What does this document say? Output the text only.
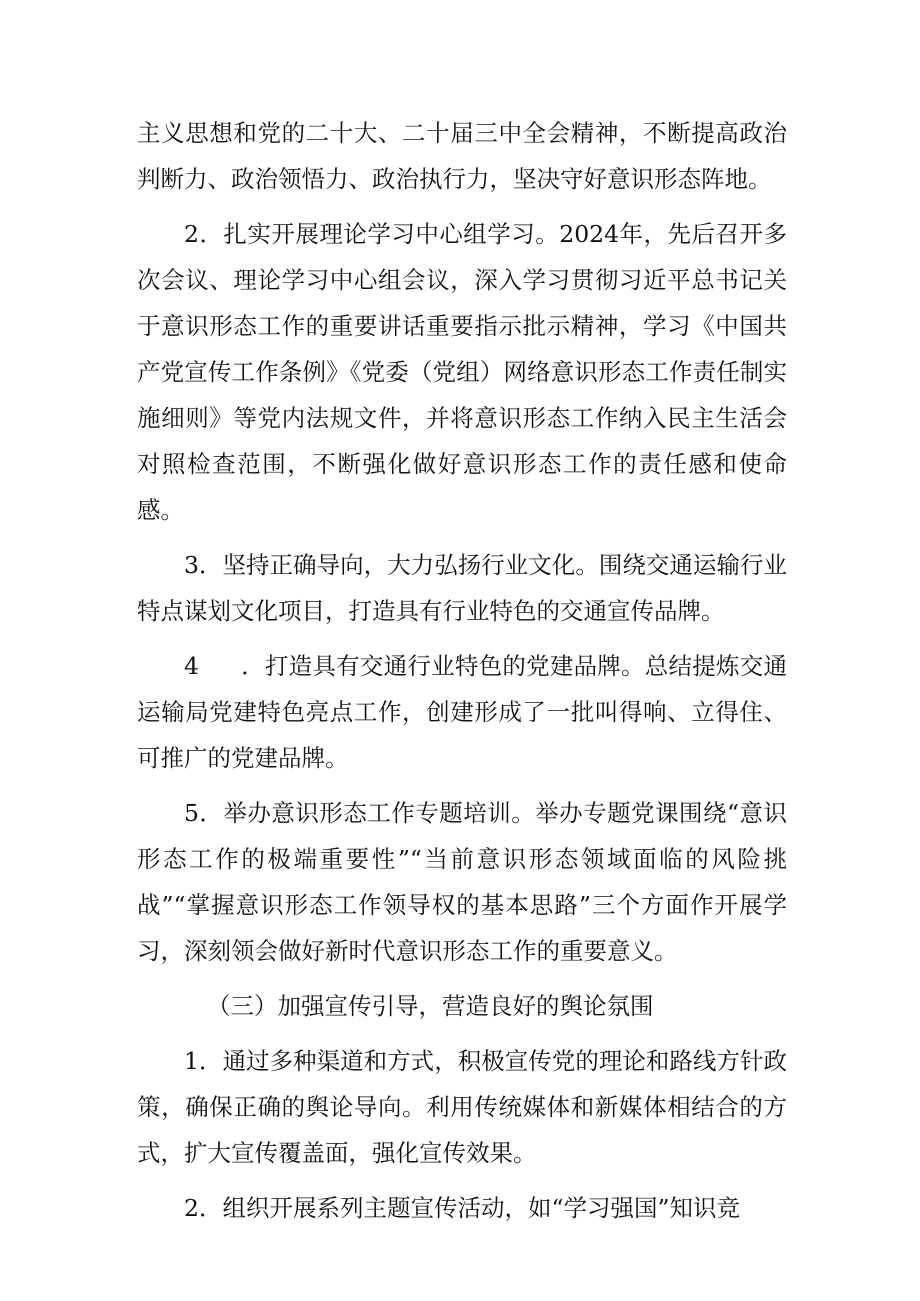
主义思想和党的二十大、二十届三中全会精神，不断提高政治判断力、政治领悟力、政治执行力，坚决守好意识形态阵地。

2．扎实开展理论学习中心组学习。2024年，先后召开多次会议、理论学习中心组会议，深入学习贯彻习近平总书记关于意识形态工作的重要讲话重要指示批示精神，学习《中国共产党宣传工作条例》《党委（党组）网络意识形态工作责任制实施细则》等党内法规文件，并将意识形态工作纳入民主生活会对照检查范围，不断强化做好意识形态工作的责任感和使命感。

3．坚持正确导向，大力弘扬行业文化。围绕交通运输行业特点谋划文化项目，打造具有行业特色的交通宣传品牌。

4 ．打造具有交通行业特色的党建品牌。总结提炼交通运输局党建特色亮点工作，创建形成了一批叫得响、立得住、可推广的党建品牌。

5．举办意识形态工作专题培训。举办专题党课围绕“意识形态工作的极端重要性”“当前意识形态领域面临的风险挑战”“掌握意识形态工作领导权的基本思路”三个方面作开展学习，深刻领会做好新时代意识形态工作的重要意义。

（三）加强宣传引导，营造良好的舆论氛围

1．通过多种渠道和方式，积极宣传党的理论和路线方针政策，确保正确的舆论导向。利用传统媒体和新媒体相结合的方式，扩大宣传覆盖面，强化宣传效果。

2．组织开展系列主题宣传活动，如“学习强国”知识竞
